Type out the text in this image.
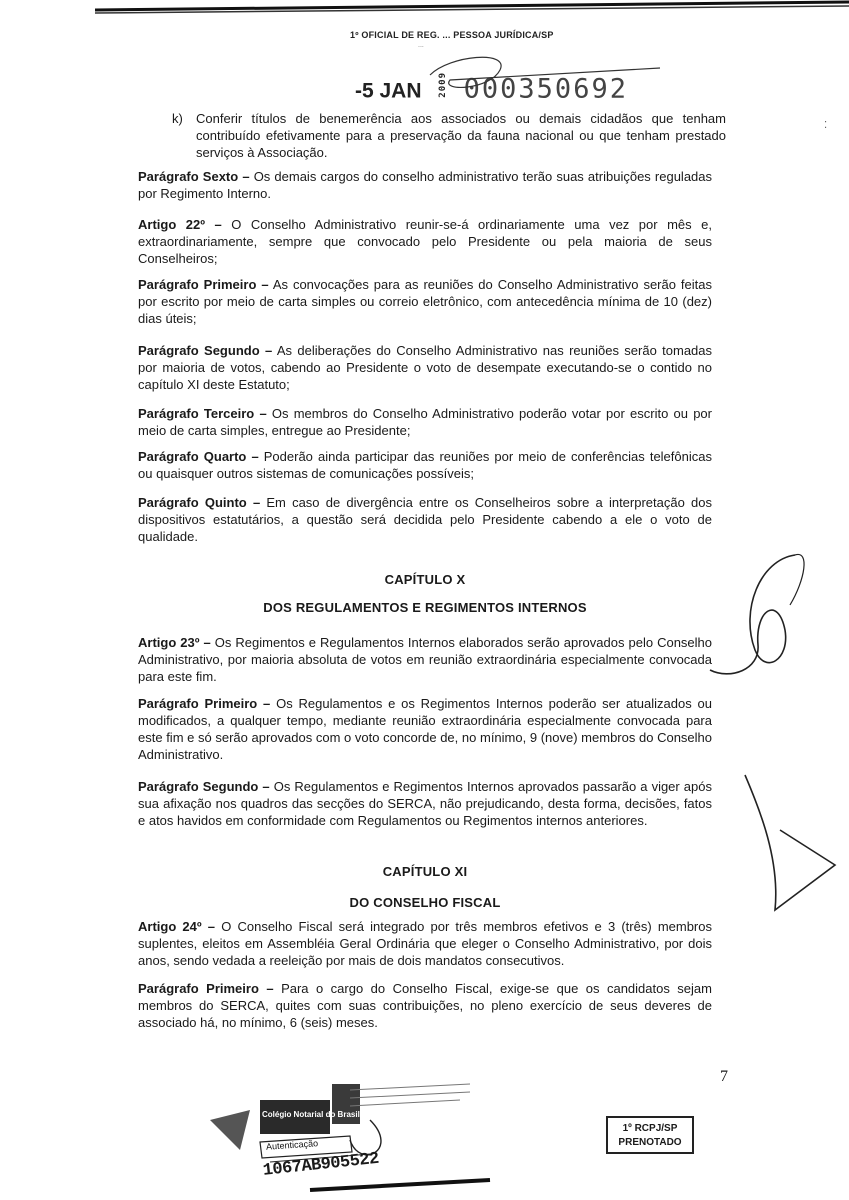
1º OFICIAL DE REG. ... PESSOA JURÍDICA/SP
...
-5 JAN 2009 000350692
k) Conferir títulos de benemerência aos associados ou demais cidadãos que tenham contribuído efetivamente para a preservação da fauna nacional ou que tenham prestado serviços à Associação.
Parágrafo Sexto – Os demais cargos do conselho administrativo terão suas atribuições reguladas por Regimento Interno.
Artigo 22º – O Conselho Administrativo reunir-se-á ordinariamente uma vez por mês e, extraordinariamente, sempre que convocado pelo Presidente ou pela maioria de seus Conselheiros;
Parágrafo Primeiro – As convocações para as reuniões do Conselho Administrativo serão feitas por escrito por meio de carta simples ou correio eletrônico, com antecedência mínima de 10 (dez) dias úteis;
Parágrafo Segundo – As deliberações do Conselho Administrativo nas reuniões serão tomadas por maioria de votos, cabendo ao Presidente o voto de desempate executando-se o contido no capítulo XI deste Estatuto;
Parágrafo Terceiro – Os membros do Conselho Administrativo poderão votar por escrito ou por meio de carta simples, entregue ao Presidente;
Parágrafo Quarto – Poderão ainda participar das reuniões por meio de conferências telefônicas ou quaisquer outros sistemas de comunicações possíveis;
Parágrafo Quinto – Em caso de divergência entre os Conselheiros sobre a interpretação dos dispositivos estatutários, a questão será decidida pelo Presidente cabendo a ele o voto de qualidade.
CAPÍTULO X
DOS REGULAMENTOS E REGIMENTOS INTERNOS
Artigo 23º – Os Regimentos e Regulamentos Internos elaborados serão aprovados pelo Conselho Administrativo, por maioria absoluta de votos em reunião extraordinária especialmente convocada para este fim.
Parágrafo Primeiro – Os Regulamentos e os Regimentos Internos poderão ser atualizados ou modificados, a qualquer tempo, mediante reunião extraordinária especialmente convocada para este fim e só serão aprovados com o voto concorde de, no mínimo, 9 (nove) membros do Conselho Administrativo.
Parágrafo Segundo – Os Regulamentos e Regimentos Internos aprovados passarão a viger após sua afixação nos quadros das secções do SERCA, não prejudicando, desta forma, decisões, fatos e atos havidos em conformidade com Regulamentos ou Regimentos internos anteriores.
CAPÍTULO XI
DO CONSELHO FISCAL
Artigo 24º – O Conselho Fiscal será integrado por três membros efetivos e 3 (três) membros suplentes, eleitos em Assembléia Geral Ordinária que eleger o Conselho Administrativo, por dois anos, sendo vedada a reeleição por mais de dois mandatos consecutivos.
Parágrafo Primeiro – Para o cargo do Conselho Fiscal, exige-se que os candidatos sejam membros do SERCA, quites com suas contribuições, no pleno exercício de seus deveres de associado há, no mínimo, 6 (seis) meses.
⁚
7
Colégio Notarial do Brasil
Autenticação
1067AB905522
1º RCPJ/SP
PRENOTADO
